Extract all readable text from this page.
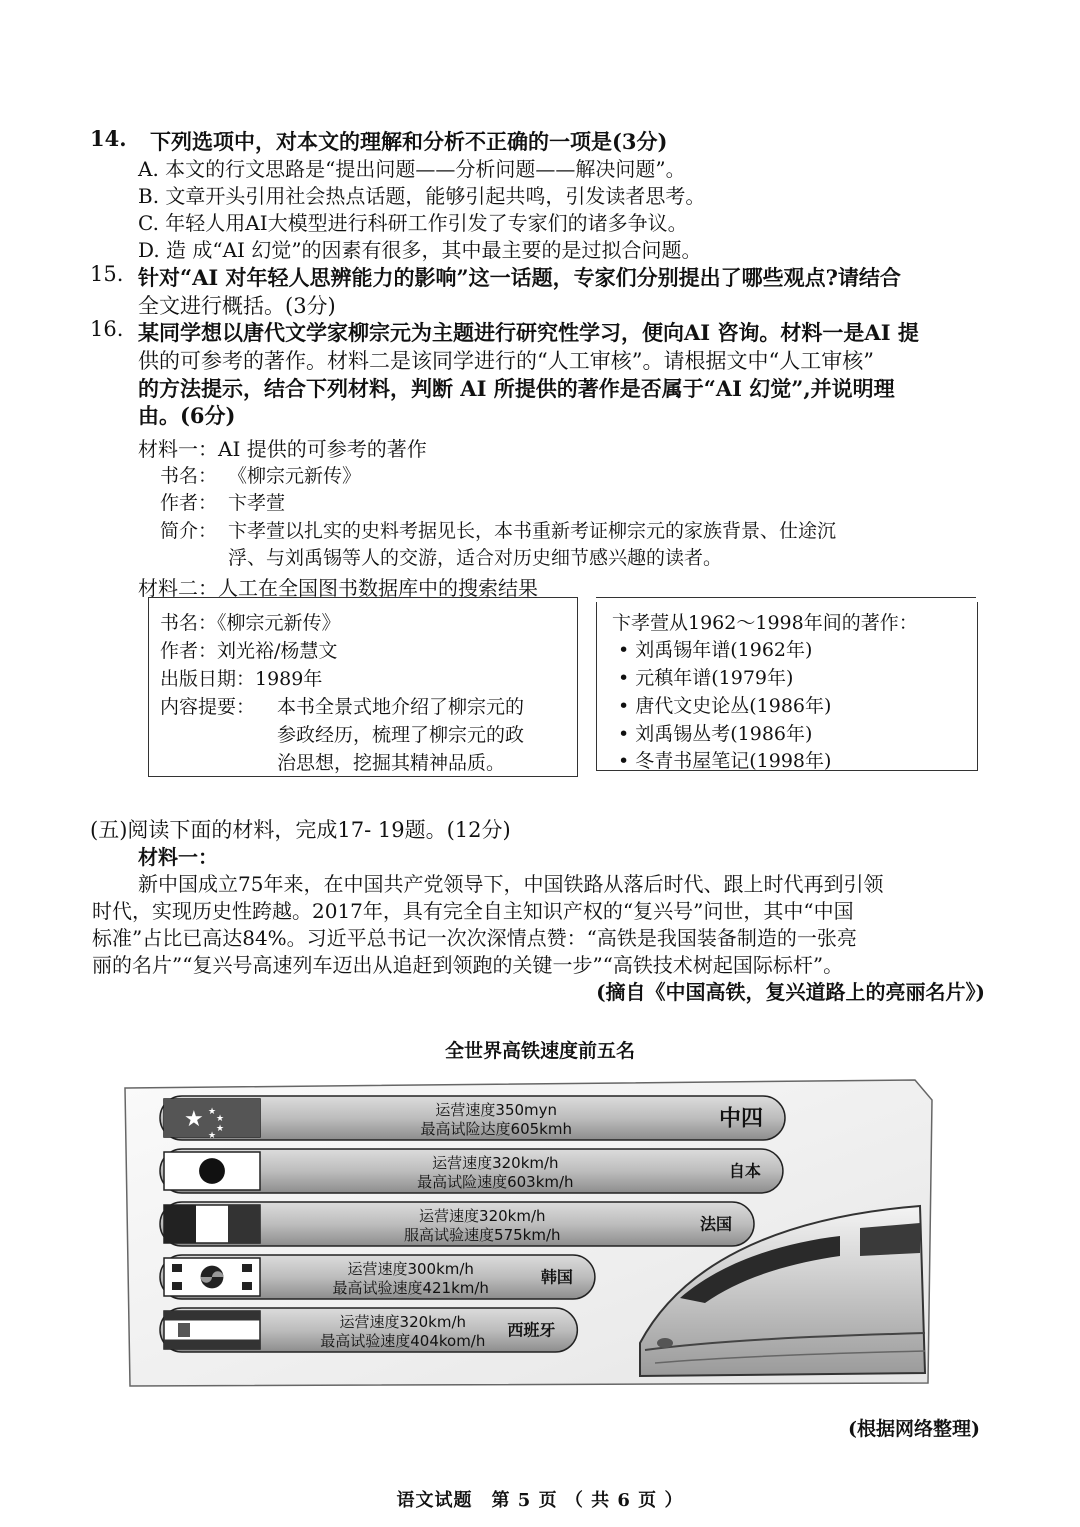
14. 下列选项中，对本文的理解和分析不正确的一项是(3分)
A. 本文的行文思路是“提出问题——分析问题——解决问题”。
B. 文章开头引用社会热点话题，能够引起共鸣，引发读者思考。
C. 年轻人用AI大模型进行科研工作引发了专家们的诸多争议。
D. 造 成“AI 幻觉”的因素有很多，其中最主要的是过拟合问题。
15. 针对“AI 对年轻人思辨能力的影响”这一话题，专家们分别提出了哪些观点?请结合
全文进行概括。(3分)
16. 某同学想以唐代文学家柳宗元为主题进行研究性学习，便向AI 咨询。材料一是AI 提
供的可参考的著作。材料二是该同学进行的“人工审核”。请根据文中“人工审核”
的方法提示，结合下列材料，判断 AI 所提供的著作是否属于“AI 幻觉”,并说明理
由。(6分)
材料一：AI 提供的可参考的著作
书名： 《柳宗元新传》
作者： 卞孝萱
简介： 卞孝萱以扎实的史料考据见长，本书重新考证柳宗元的家族背景、仕途沉
浮、与刘禹锡等人的交游，适合对历史细节感兴趣的读者。
材料二：人工在全国图书数据库中的搜索结果
书名：《柳宗元新传》
作者：刘光裕/杨慧文
出版日期：1989年
内容提要： 本书全景式地介绍了柳宗元的
参政经历，梳理了柳宗元的政
治思想，挖掘其精神品质。
卞孝萱从1962～1998年间的著作：
• 刘禹锡年谱(1962年)
• 元稹年谱(1979年)
• 唐代文史论丛(1986年)
• 刘禹锡丛考(1986年)
• 冬青书屋笔记(1998年)
(五)阅读下面的材料，完成17- 19题。(12分)
材料一：
新中国成立75年来，在中国共产党领导下，中国铁路从落后时代、跟上时代再到引领
时代，实现历史性跨越。2017年，具有完全自主知识产权的“复兴号”问世，其中“中国
标准”占比已高达84%。习近平总书记一次次深情点赞：“高铁是我国装备制造的一张亮
丽的名片”“复兴号高速列车迈出从追赶到领跑的关键一步”“高铁技术树起国际标杆”。
(摘自《中国高铁，复兴道路上的亮丽名片》)
全世界高铁速度前五名
★ ★
★
★
★
运营速度350myn
最高试险达度605kmh	中四
运营速度320km/h
最高试险速度603km/h
自本
运营速度320km/h
服高试验速度575km/h
法国
运营速度300km/h
最高试验速度421km/h
韩国
运营速度320km/h
最高试验速度404kom/h
西班牙
(根据网络整理)
语文试题　第 5 页 （ 共 6 页 ）
